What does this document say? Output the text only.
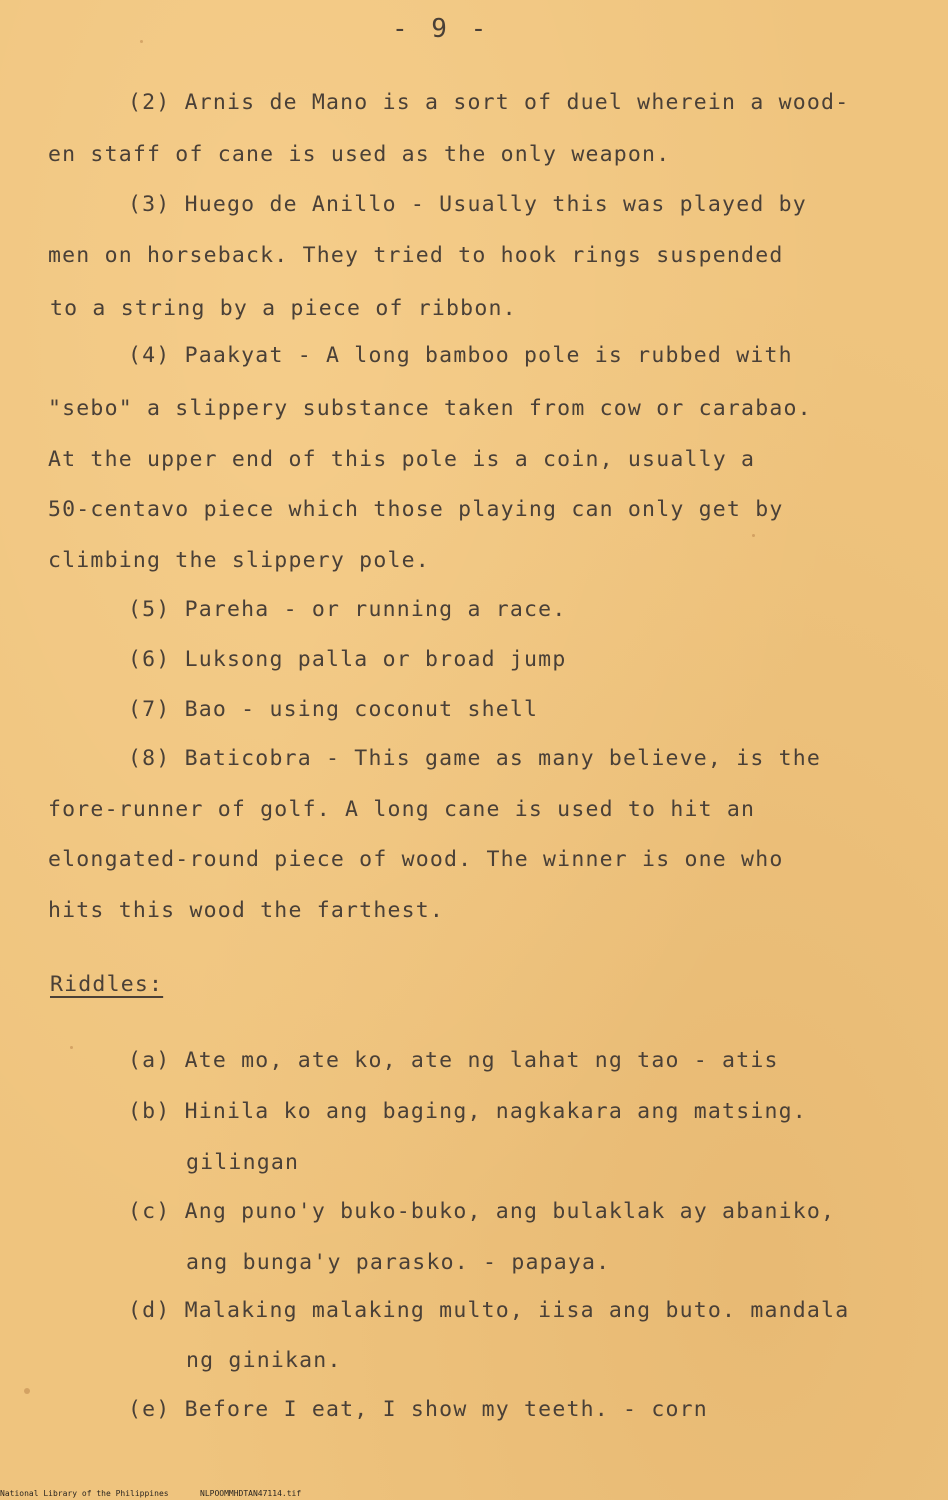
- 9 -
(2) Arnis de Mano is a sort of duel wherein a wood-
en staff of cane is used as the only weapon.
(3) Huego de Anillo - Usually this was played by
men on horseback. They tried to hook rings suspended
to a string by a piece of ribbon.
(4) Paakyat - A long bamboo pole is rubbed with
"sebo" a slippery substance taken from cow or carabao.
At the upper end of this pole is a coin, usually a
50-centavo piece which those playing can only get by
climbing the slippery pole.
(5) Pareha - or running a race.
(6) Luksong palla or broad jump
(7) Bao - using coconut shell
(8) Baticobra - This game as many believe, is the
fore-runner of golf. A long cane is used to hit an
elongated-round piece of wood. The winner is one who
hits this wood the farthest.
Riddles:
(a) Ate mo, ate ko, ate ng lahat ng tao - atis
(b) Hinila ko ang baging, nagkakara ang matsing.
gilingan
(c) Ang puno'y buko-buko, ang bulaklak ay abaniko,
ang bunga'y parasko. - papaya.
(d) Malaking malaking multo, iisa ang buto. mandala
ng ginikan.
(e) Before I eat, I show my teeth. - corn
National Library of the Philippines	NLPOOMMHDTAN47114.tif
